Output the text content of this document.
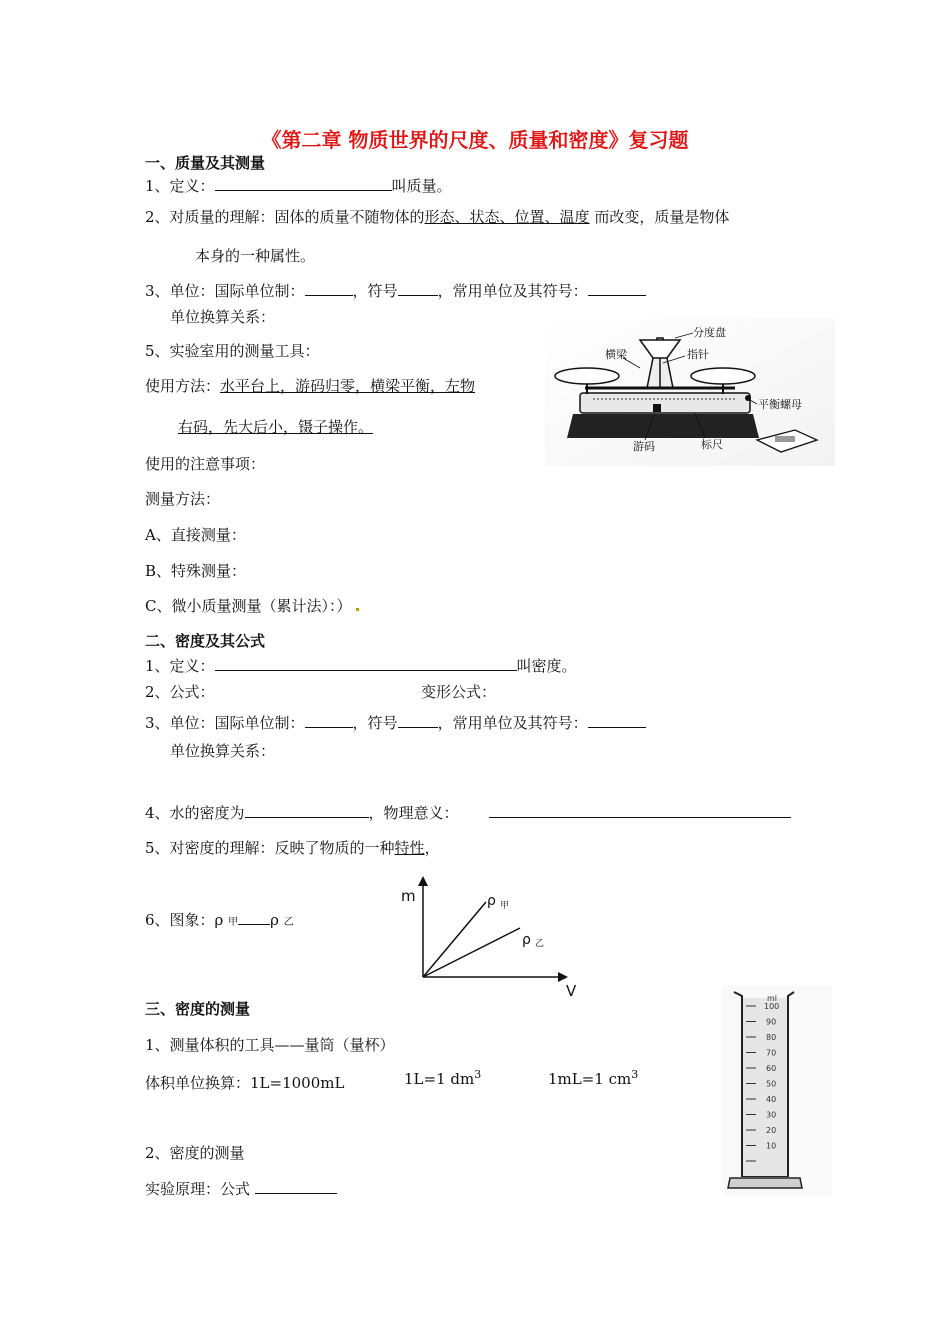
《第二章 物质世界的尺度、质量和密度》复习题
一、质量及其测量
1、定义：	叫质量。
2、对质量的理解：固体的质量不随物体的形态、状态、位置、温度 而改变，质量是物体
本身的一种属性。
3、单位：国际单位制：	，符号	，常用单位及其符号：
单位换算关系：
5、实验室用的测量工具：
使用方法：水平台上，游码归零，横梁平衡，左物
右码，先大后小，镊子操作。
使用的注意事项：
测量方法：
A、直接测量：
B、特殊测量：
C、微小质量测量（累计法）：）
分度盘
横梁	指针
平衡螺母
游码	标尺
二、密度及其公式
1、定义：	叫密度。
2、公式：	变形公式：
3、单位：国际单位制：	，符号	，常用单位及其符号：
单位换算关系：
4、水的密度为	，物理意义：
5、对密度的理解：反映了物质的一种特性，
6、图象：ρ 甲 ρ 乙
m
V
ρ 甲
ρ 乙
三、密度的测量
1、测量体积的工具——量筒（量杯）
体积单位换算：1L=1000mL	1L=1 $dm^3$	1mL=1 $cm^3$
2、密度的测量
实验原理：公式
ml
100
90
80
70
60
50
40
30
20
10
